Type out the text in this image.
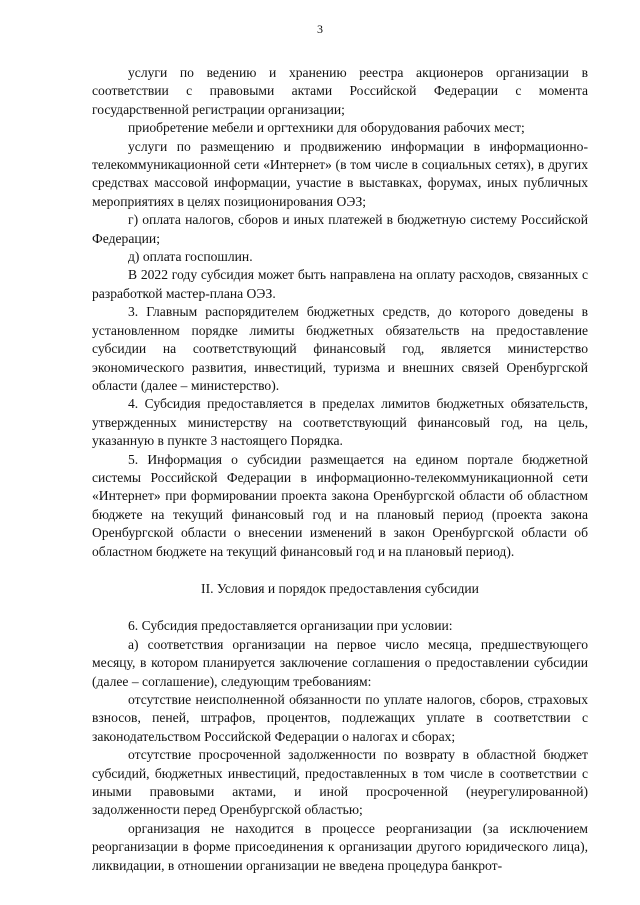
3

услуги по ведению и хранению реестра акционеров организации в соответствии с правовыми актами Российской Федерации с момента государственной регистрации организации;

приобретение мебели и оргтехники для оборудования рабочих мест;

услуги по размещению и продвижению информации в информационно-телекоммуникационной сети «Интернет» (в том числе в социальных сетях), в других средствах массовой информации, участие в выставках, форумах, иных публичных мероприятиях в целях позиционирования ОЭЗ;

г) оплата налогов, сборов и иных платежей в бюджетную систему Российской Федерации;

д) оплата госпошлин.

В 2022 году субсидия может быть направлена на оплату расходов, связанных с разработкой мастер-плана ОЭЗ.

3. Главным распорядителем бюджетных средств, до которого доведены в установленном порядке лимиты бюджетных обязательств на предоставление субсидии на соответствующий финансовый год, является министерство экономического развития, инвестиций, туризма и внешних связей Оренбургской области (далее – министерство).

4. Субсидия предоставляется в пределах лимитов бюджетных обязательств, утвержденных министерству на соответствующий финансовый год, на цель, указанную в пункте 3 настоящего Порядка.

5. Информация о субсидии размещается на едином портале бюджетной системы Российской Федерации в информационно-телекоммуникационной сети «Интернет» при формировании проекта закона Оренбургской области об областном бюджете на текущий финансовый год и на плановый период (проекта закона Оренбургской области о внесении изменений в закон Оренбургской области об областном бюджете на текущий финансовый год и на плановый период).

II. Условия и порядок предоставления субсидии

6. Субсидия предоставляется организации при условии:

а) соответствия организации на первое число месяца, предшествующего месяцу, в котором планируется заключение соглашения о предоставлении субсидии (далее – соглашение), следующим требованиям:

отсутствие неисполненной обязанности по уплате налогов, сборов, страховых взносов, пеней, штрафов, процентов, подлежащих уплате в соответствии с законодательством Российской Федерации о налогах и сборах;

отсутствие просроченной задолженности по возврату в областной бюджет субсидий, бюджетных инвестиций, предоставленных в том числе в соответствии с иными правовыми актами, и иной просроченной (неурегулированной) задолженности перед Оренбургской областью;

организация не находится в процессе реорганизации (за исключением реорганизации в форме присоединения к организации другого юридического лица), ликвидации, в отношении организации не введена процедура банкрот-
